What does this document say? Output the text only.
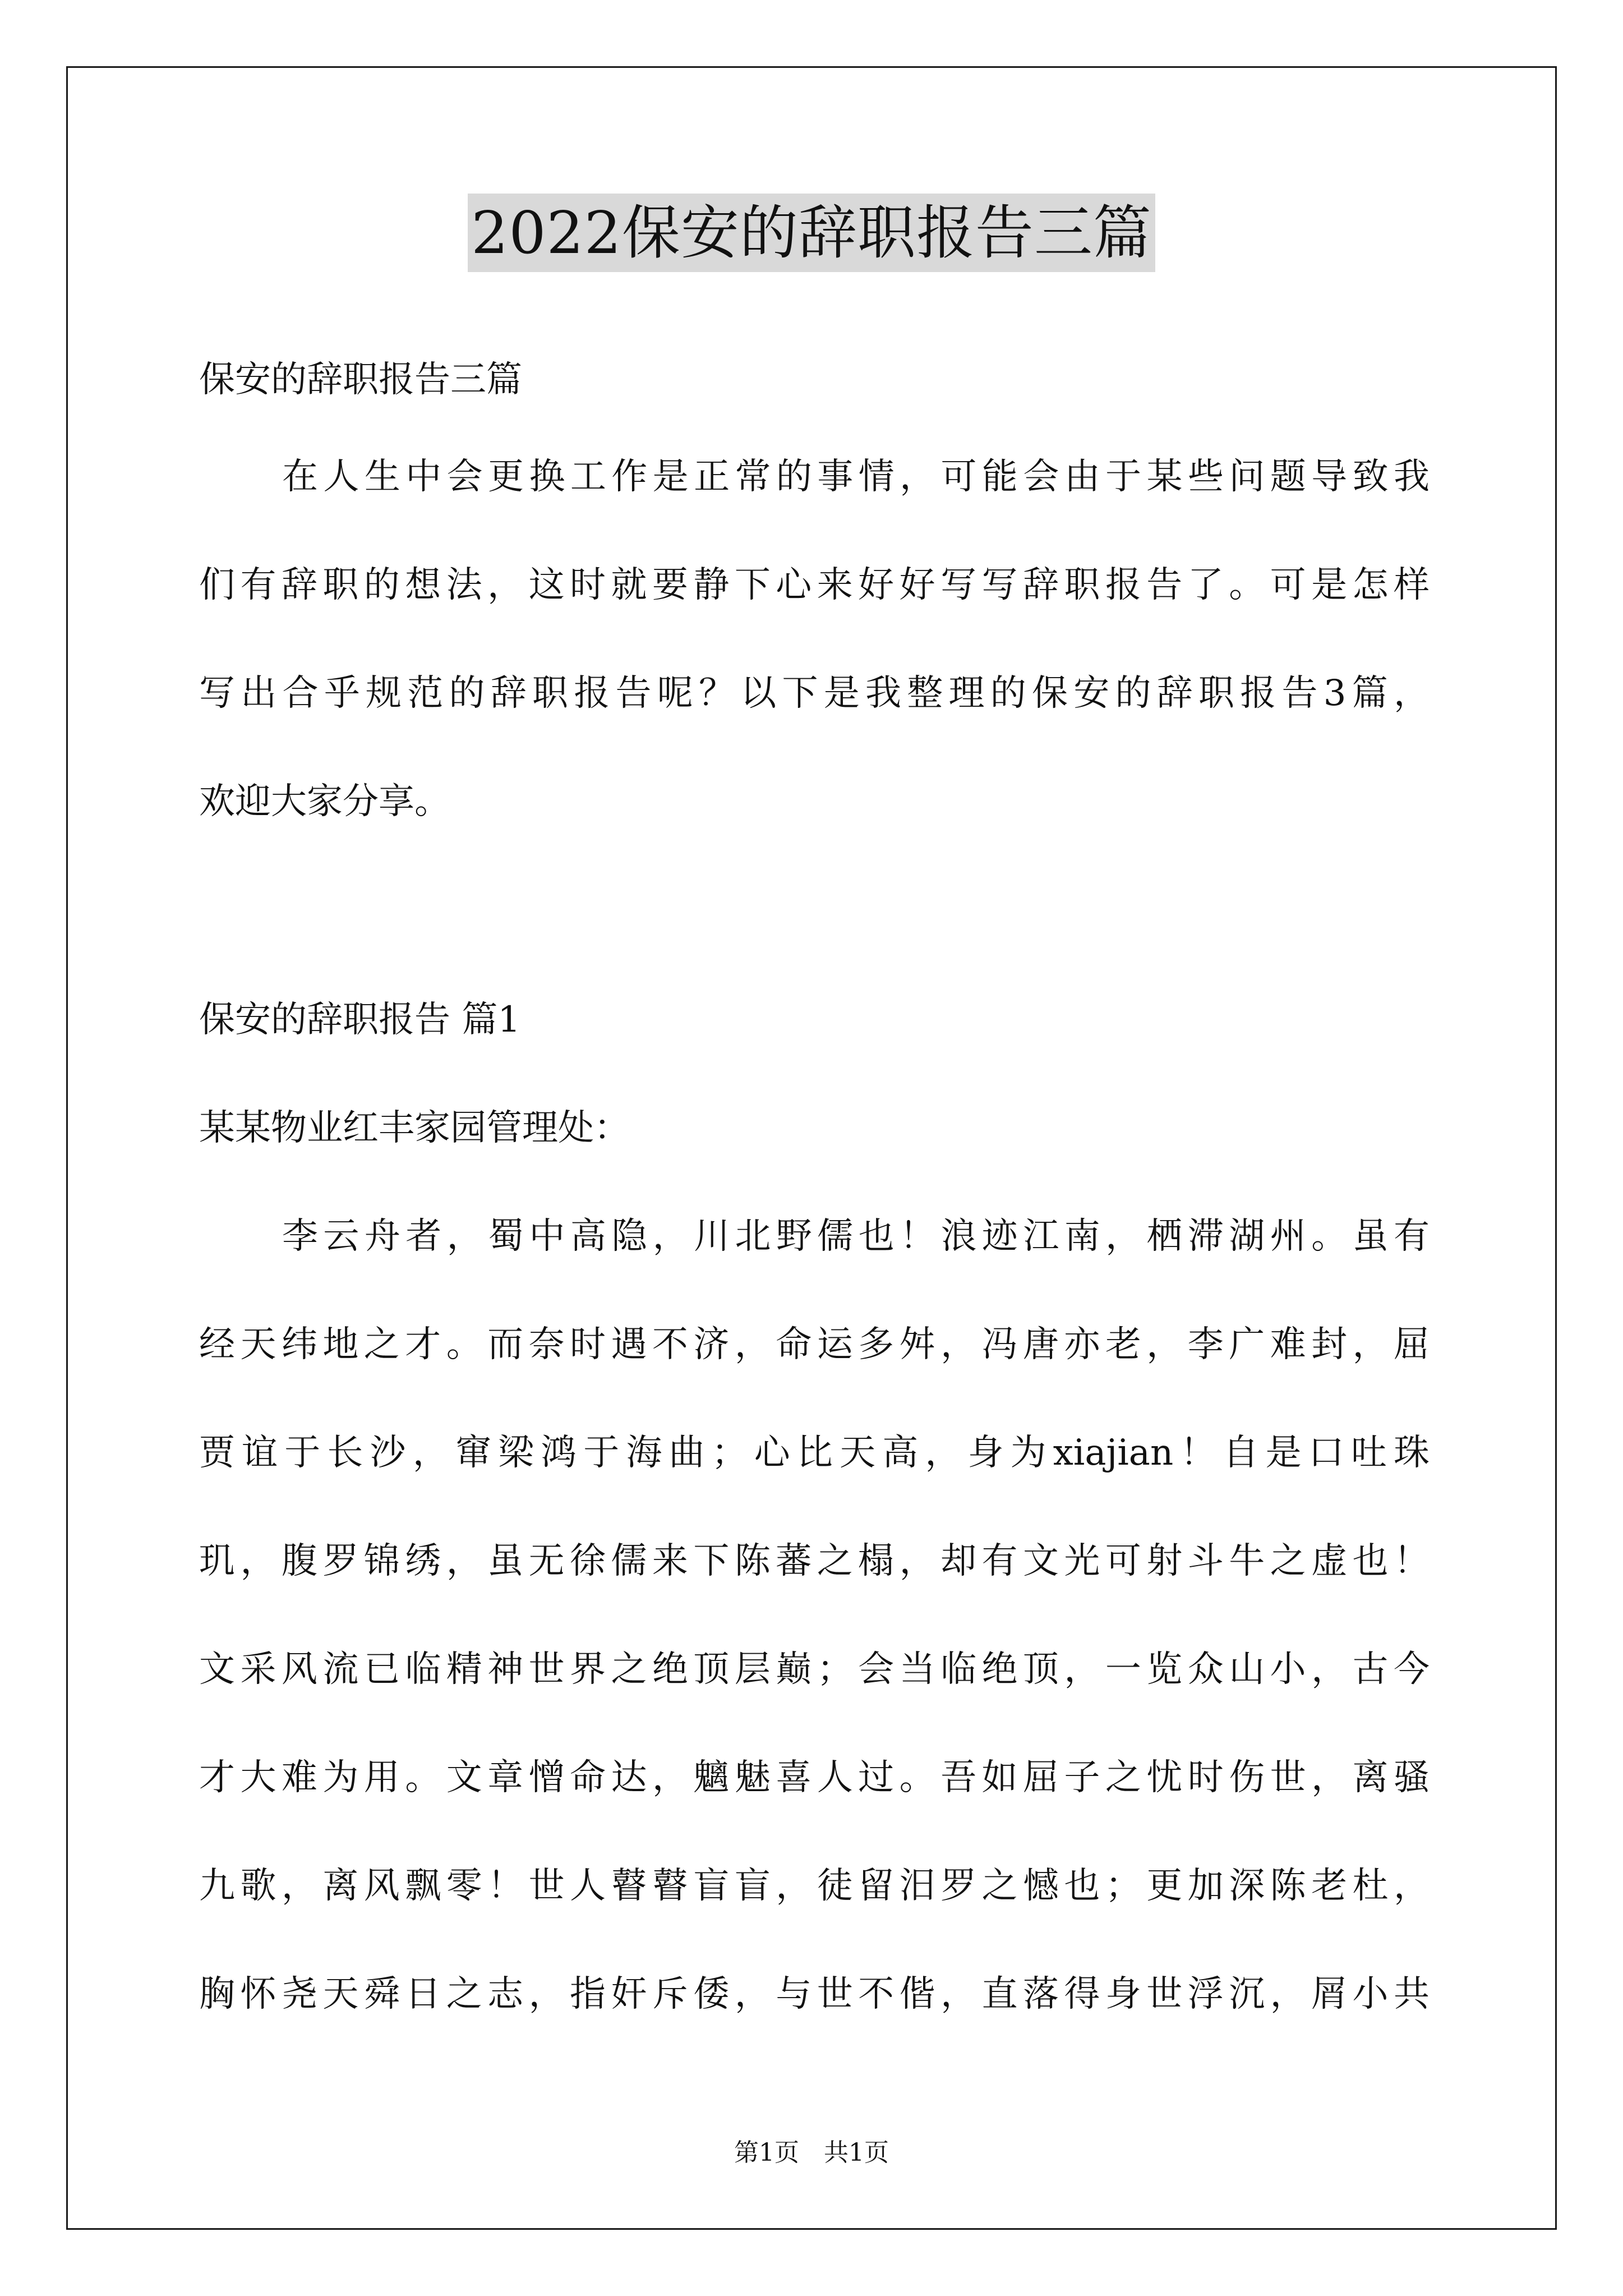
2022保安的辞职报告三篇
保安的辞职报告三篇
在人生中会更换工作是正常的事情，可能会由于某些问题导致我
们有辞职的想法，这时就要静下心来好好写写辞职报告了。可是怎样
写出合乎规范的辞职报告呢？以下是我整理的保安的辞职报告3篇，
欢迎大家分享。
保安的辞职报告 篇1
某某物业红丰家园管理处：
李云舟者，蜀中高隐，川北野儒也！浪迹江南，栖滞湖州。虽有
经天纬地之才。而奈时遇不济，命运多舛，冯唐亦老，李广难封，屈
贾谊于长沙，窜梁鸿于海曲；心比天高，身为xiajian！自是口吐珠
玑，腹罗锦绣，虽无徐儒来下陈蕃之榻，却有文光可射斗牛之虚也！
文采风流已临精神世界之绝顶层巅；会当临绝顶，一览众山小，古今
才大难为用。文章憎命达，魑魅喜人过。吾如屈子之忧时伤世，离骚
九歌，离风飘零！世人瞽瞽盲盲，徒留汨罗之憾也；更加深陈老杜，
胸怀尧天舜日之志，指奸斥倭，与世不偕，直落得身世浮沉，屑小共
第1页　共1页
